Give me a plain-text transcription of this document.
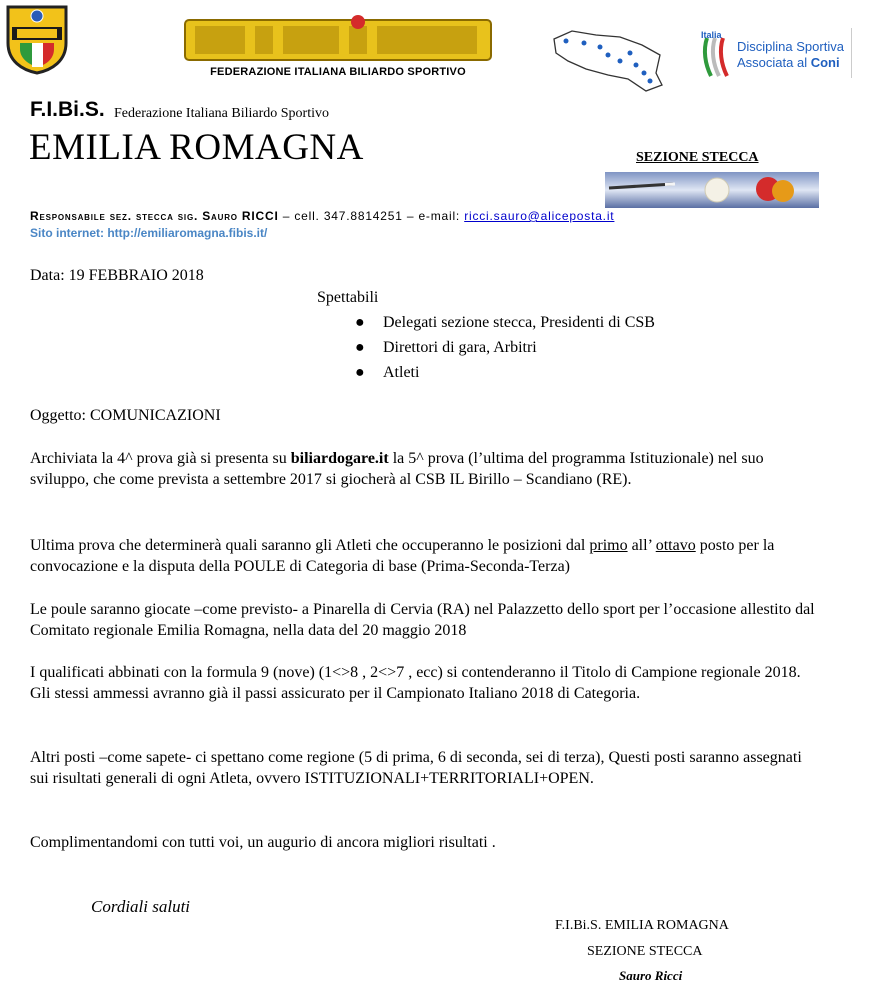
FEDERAZIONE ITALIANA BILIARDO SPORTIVO
Italia
Disciplina Sportiva
Associata al Coni
F.I.Bi.S. Federazione Italiana Biliardo Sportivo
EMILIA ROMAGNA	SEZIONE STECCA
Responsabile sez. stecca sig. Sauro RICCI – cell. 347.8814251 – e-mail: ricci.sauro@aliceposta.it
Sito internet: http://emiliaromagna.fibis.it/
Data: 19 FEBBRAIO 2018
Spettabili
● Delegati sezione stecca, Presidenti di CSB
● Direttori di gara, Arbitri
● Atleti
Oggetto: COMUNICAZIONI
Archiviata la 4^ prova già si presenta su biliardogare.it la 5^ prova (l’ultima del programma Istituzionale) nel suo sviluppo, che come prevista a settembre 2017 si giocherà al CSB IL Birillo – Scandiano (RE).
Ultima prova che determinerà quali saranno gli Atleti che occuperanno le posizioni dal primo all’ ottavo posto per la convocazione e la disputa della POULE di Categoria di base (Prima-Seconda-Terza)
Le poule saranno giocate –come previsto- a Pinarella di Cervia (RA) nel Palazzetto dello sport per l’occasione allestito dal Comitato regionale Emilia Romagna, nella data del 20 maggio 2018
I qualificati abbinati con la formula 9 (nove) (1<>8 , 2<>7 , ecc) si contenderanno il Titolo di Campione regionale 2018.
Gli stessi ammessi avranno già il passi assicurato per il Campionato Italiano 2018 di Categoria.
Altri posti –come sapete- ci spettano come regione (5 di prima, 6 di seconda, sei di terza), Questi posti saranno assegnati sui risultati generali di ogni Atleta, ovvero ISTITUZIONALI+TERRITORIALI+OPEN.
Complimentandomi con tutti voi, un augurio di ancora migliori risultati .
Cordiali saluti
F.I.Bi.S. EMILIA ROMAGNA
SEZIONE STECCA
Sauro Ricci
